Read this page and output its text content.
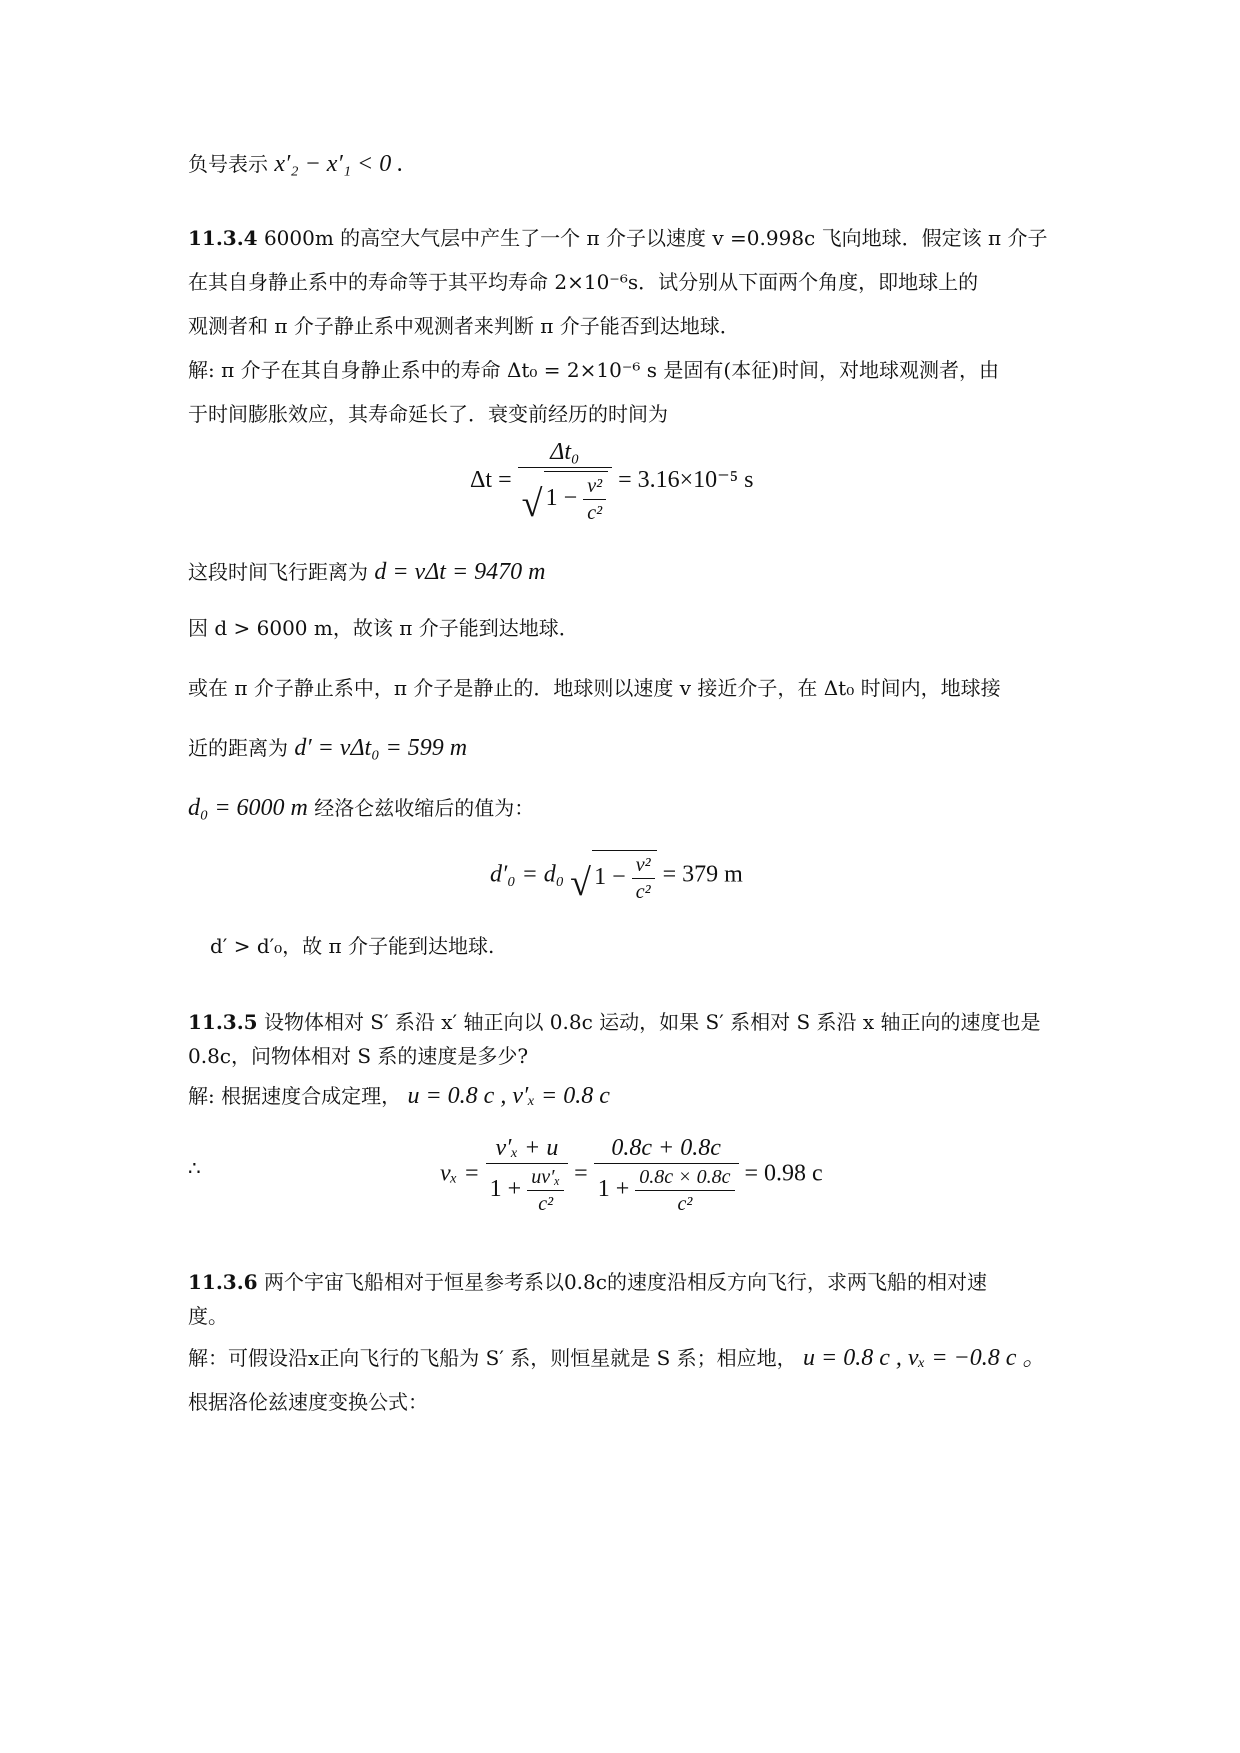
负号表示 x′₂ − x′₁ < 0 .
11.3.4 6000m 的高空大气层中产生了一个 π 介子以速度 v =0.998c 飞向地球．假定该 π 介子
在其自身静止系中的寿命等于其平均寿命 2×10⁻⁶s．试分别从下面两个角度，即地球上的
观测者和 π 介子静止系中观测者来判断 π 介子能否到达地球．
解: π 介子在其自身静止系中的寿命 Δt₀ = 2×10⁻⁶ s 是固有(本征)时间，对地球观测者，由
于时间膨胀效应，其寿命延长了．衰变前经历的时间为
Δt =
Δt₀
√ $1 - \frac{\text{v²}}{\text{c²}} = 3.16\times 10^{-5}$ s
这段时间飞行距离为 d = vΔt = 9470 m
因 d > 6000 m，故该 π 介子能到达地球．
或在 π 介子静止系中，π 介子是静止的．地球则以速度 v 接近介子，在 Δt₀ 时间内，地球接
近的距离为 d′ = vΔt₀ = 599 m
d₀ = 6000 m 经洛仑兹收缩后的值为：
d′₀ = d₀ √ $1 - \frac{\text{v²}}{\text{c²}} = 379$ m
d′ > d′₀，故 π 介子能到达地球.
11.3.5 设物体相对 S′ 系沿 x′ 轴正向以 0.8c 运动，如果 S′ 系相对 S 系沿 x 轴正向的速度也是
0.8c，问物体相对 S 系的速度是多少?
解: 根据速度合成定理， u = 0.8 c , v′ₓ = 0.8 c
∴	$v_x = \frac{\text{v′ₓ + u}}{1 + \frac{\text{uv′ₓ}}{\text{c²}}} = \frac{0.8c + 0.8c}{1 + \frac{0.8c \times 0.8c}{\text{c²}}} = 0.98$ c
11.3.6 两个宇宙飞船相对于恒星参考系以0.8c的速度沿相反方向飞行，求两飞船的相对速
度。
解：可假设沿x正向飞行的飞船为 S′ 系，则恒星就是 S 系；相应地， u = 0.8 c , vₓ = −0.8 c 。
根据洛伦兹速度变换公式：
